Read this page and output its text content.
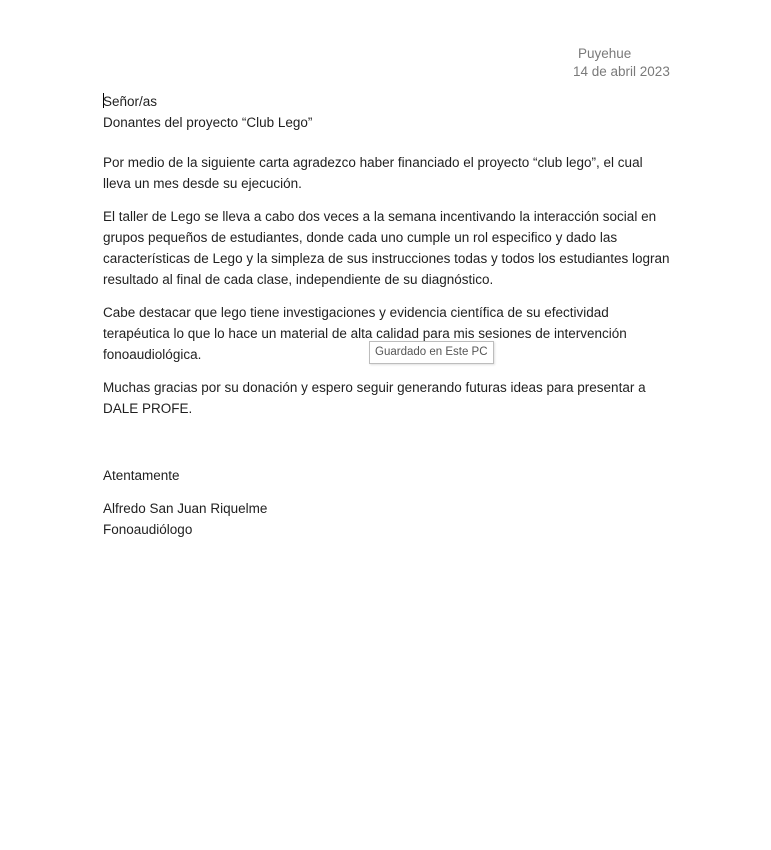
Puyehue
14 de abril 2023
Señor/as
Donantes del proyecto “Club Lego”

Por medio de la siguiente carta agradezco haber financiado el proyecto “club lego”, el cual
lleva un mes desde su ejecución.

El taller de Lego se lleva a cabo dos veces a la semana incentivando la interacción social en
grupos pequeños de estudiantes, donde cada uno cumple un rol especifico y dado las
características de Lego y la simpleza de sus instrucciones todas y todos los estudiantes logran
resultado al final de cada clase, independiente de su diagnóstico.

Cabe destacar que lego tiene investigaciones y evidencia científica de su efectividad
terapéutica lo que lo hace un material de alta calidad para mis sesiones de intervención
fonoaudiológica.

Muchas gracias por su donación y espero seguir generando futuras ideas para presentar a
DALE PROFE.

Atentamente

Alfredo San Juan Riquelme
Fonoaudiólogo

Guardado en Este PC
